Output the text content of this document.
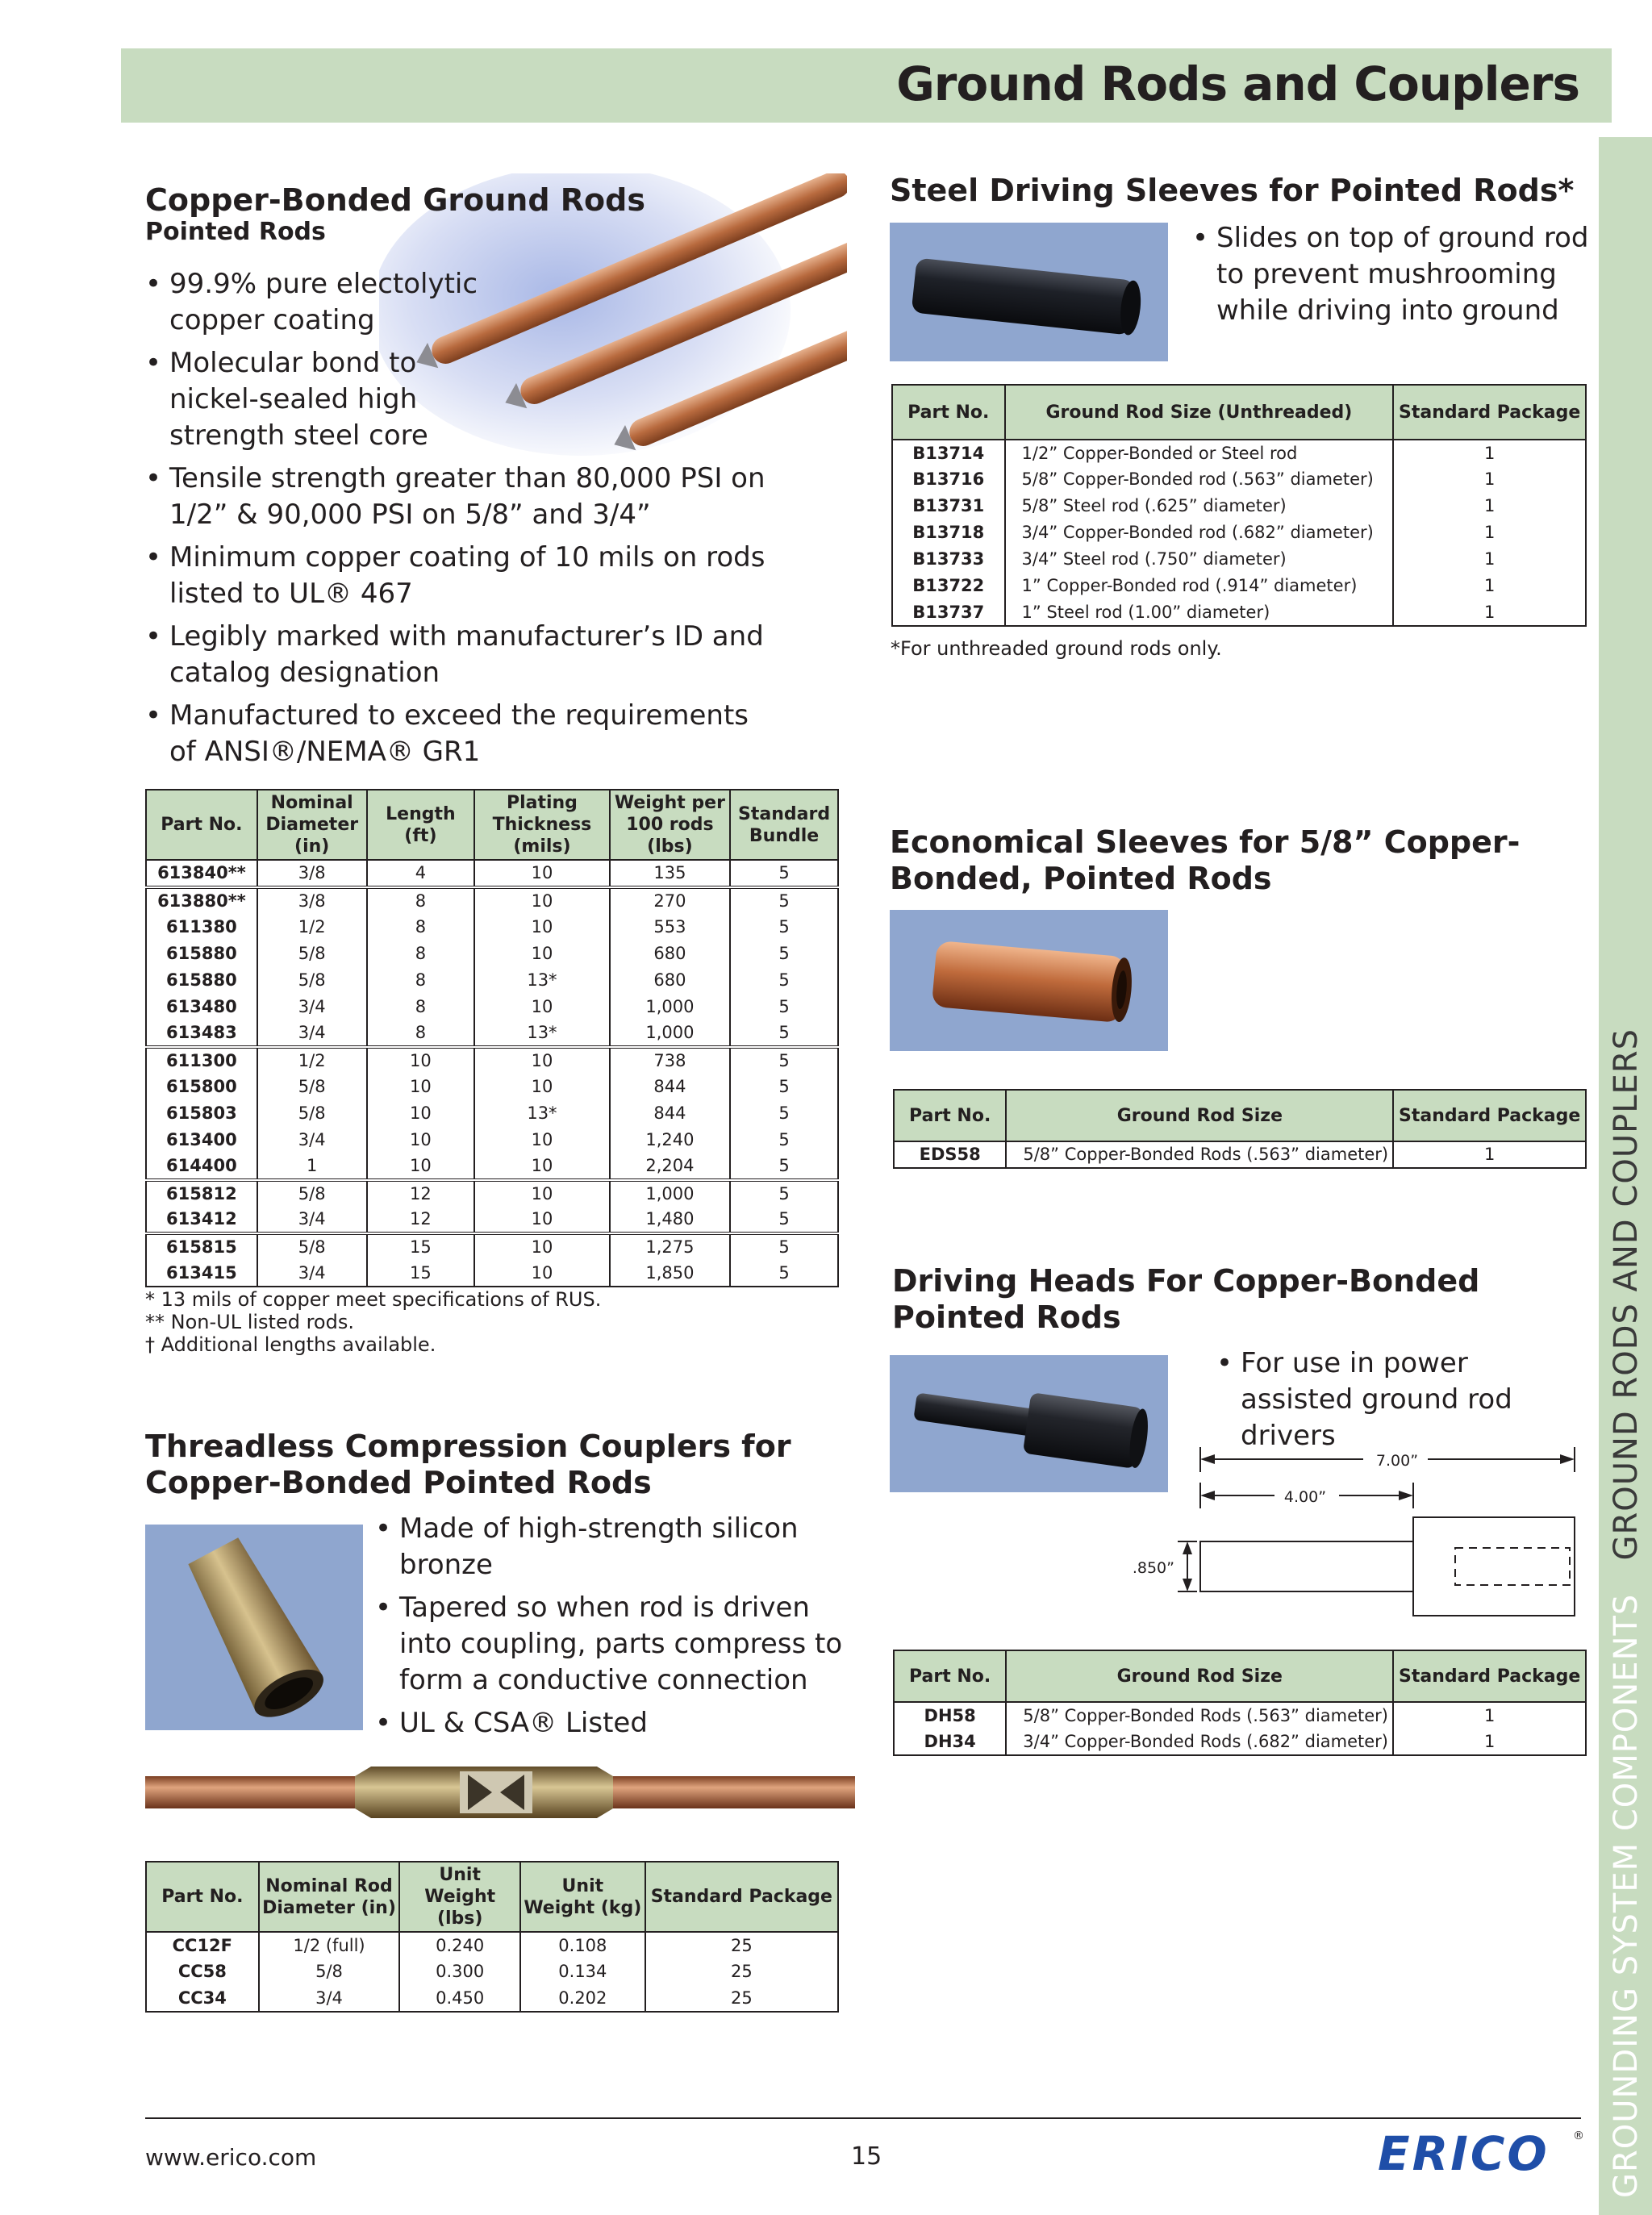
Ground Rods and Couplers
GROUNDING SYSTEM COMPONENTS   GROUND RODS AND COUPLERS
Copper-Bonded Ground Rods
Pointed Rods
• 99.9% pure electolytic copper coating
• Molecular bond to nickel-sealed high strength steel core
• Tensile strength greater than 80,000 PSI on 1/2” & 90,000 PSI on 5/8” and 3/4”
• Minimum copper coating of 10 mils on rods listed to UL® 467
• Legibly marked with manufacturer’s ID and catalog designation
• Manufactured to exceed the requirements of ANSI®/NEMA® GR1
Part No.	Nominal Diameter (in)	Length (ft)	Plating Thickness (mils)	Weight per 100 rods (lbs)	Standard Bundle
613840**	3/8	4	10	135	5
613880**	3/8	8	10	270	5
611380	1/2	8	10	553	5
615880	5/8	8	10	680	5
615880	5/8	8	13*	680	5
613480	3/4	8	10	1,000	5
613483	3/4	8	13*	1,000	5
611300	1/2	10	10	738	5
615800	5/8	10	10	844	5
615803	5/8	10	13*	844	5
613400	3/4	10	10	1,240	5
614400	1	10	10	2,204	5
615812	5/8	12	10	1,000	5
613412	3/4	12	10	1,480	5
615815	5/8	15	10	1,275	5
613415	3/4	15	10	1,850	5
* 13 mils of copper meet specifications of RUS.
** Non-UL listed rods.
† Additional lengths available.
Threadless Compression Couplers for Copper-Bonded Pointed Rods
• Made of high-strength silicon bronze
• Tapered so when rod is driven into coupling, parts compress to form a conductive connection
• UL & CSA® Listed
Part No.	Nominal Rod Diameter (in)	Unit Weight (lbs)	Unit Weight (kg)	Standard Package
CC12F	1/2 (full)	0.240	0.108	25
CC58	5/8	0.300	0.134	25
CC34	3/4	0.450	0.202	25
Steel Driving Sleeves for Pointed Rods*
• Slides on top of ground rod to prevent mushrooming while driving into ground
Part No.	Ground Rod Size (Unthreaded)	Standard Package
B13714	1/2” Copper-Bonded or Steel rod	1
B13716	5/8” Copper-Bonded rod (.563” diameter)	1
B13731	5/8” Steel rod (.625” diameter)	1
B13718	3/4” Copper-Bonded rod (.682” diameter)	1
B13733	3/4” Steel rod (.750” diameter)	1
B13722	1” Copper-Bonded rod (.914” diameter)	1
B13737	1” Steel rod (1.00” diameter)	1
*For unthreaded ground rods only.
Economical Sleeves for 5/8” Copper-Bonded, Pointed Rods
Part No.	Ground Rod Size	Standard Package
EDS58	5/8” Copper-Bonded Rods (.563” diameter)	1
Driving Heads For Copper-Bonded Pointed Rods
• For use in power assisted ground rod drivers
7.00”
4.00”
.850”
Part No.	Ground Rod Size	Standard Package
DH58	5/8” Copper-Bonded Rods (.563” diameter)	1
DH34	3/4” Copper-Bonded Rods (.682” diameter)	1
www.erico.com	15	ERICO ®
